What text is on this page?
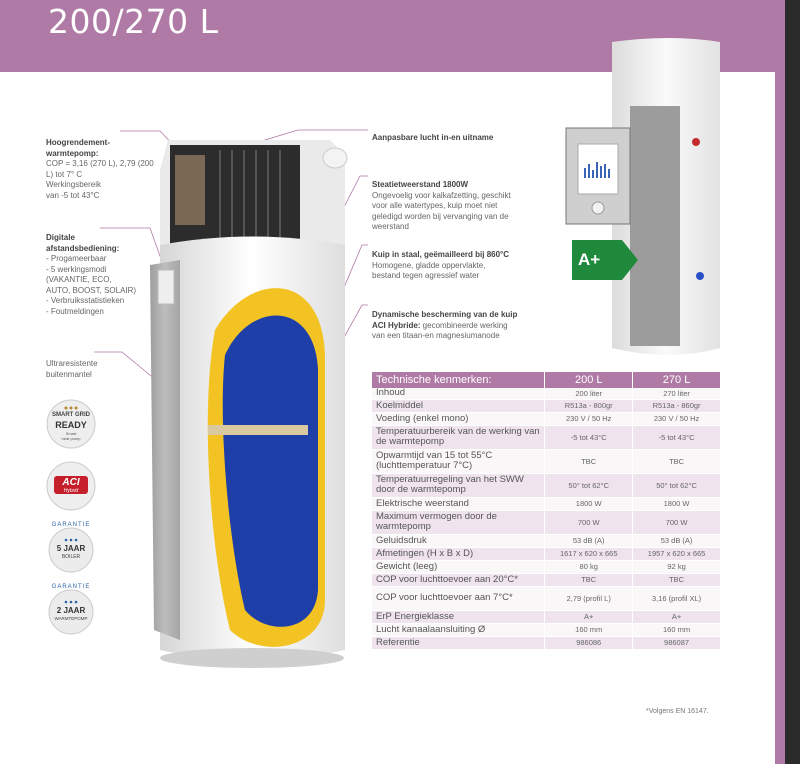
200/270 L
Hoogrendement-
warmtepomp:
COP = 3,16 (270 L), 2,79 (200
L) tot 7° C
Werkingsbereik
van -5 tot 43°C
Digitale
afstandsbediening:
- Progameerbaar
- 5 werkingsmodi
(VAKANTIE, ECO,
AUTO, BOOST, SOLAIR)
- Verbruiksstatistieken
- Foutmeldingen
Ultraresistente
buitenmantel
Aanpasbare lucht in-en uitname
Steatietweerstand 1800W
Ongevoelig voor kalkafzetting, geschikt
voor alle watertypes, kuip moet niet
geledigd worden bij vervanging van de
weerstand
Kuip in staal, geëmailleerd bij 860°C
Homogene, gladde oppervlakte,
bestand tegen agressief water
Dynamische bescherming van de kuip
ACI Hybride: gecombineerde werking
van een titaan-en magnesiumanode
SMART GRID
READY
Smart
heat pump
ACI
Hybrid
GARANTIE
5 JAAR
BOILER
GARANTIE
2 JAAR
WARMTEPOMP
A+
Technische kenmerken:	200 L	270 L
Inhoud	200 liter	270 liter
Koelmiddel	R513a - 800gr	R513a - 860gr
Voeding (enkel mono)	230 V / 50 Hz	230 V / 50 Hz
Temperatuurbereik van de werking van de warmtepomp	-5 tot 43°C	-5 tot 43°C
Opwarmtijd van 15 tot 55°C (luchttemperatuur 7°C)	TBC	TBC
Temperatuurregeling van het SWW door de warmtepomp	50° tot 62°C	50° tot 62°C
Elektrische weerstand	1800 W	1800 W
Maximum vermogen door de warmtepomp	700 W	700 W
Geluidsdruk	53 dB (A)	53 dB (A)
Afmetingen (H x B x D)	1617 x 620 x 665	1957 x 620 x 665
Gewicht (leeg)	80 kg	92 kg
COP voor luchttoevoer aan 20°C*	TBC	TBC
COP voor luchttoevoer aan 7°C*	2,79 (profil L)	3,16 (profil XL)
ErP Energieklasse	A+	A+
Lucht kanaalaansluiting Ø	160 mm	160 mm
Referentie	986086	986087
*Volgens EN 16147.
